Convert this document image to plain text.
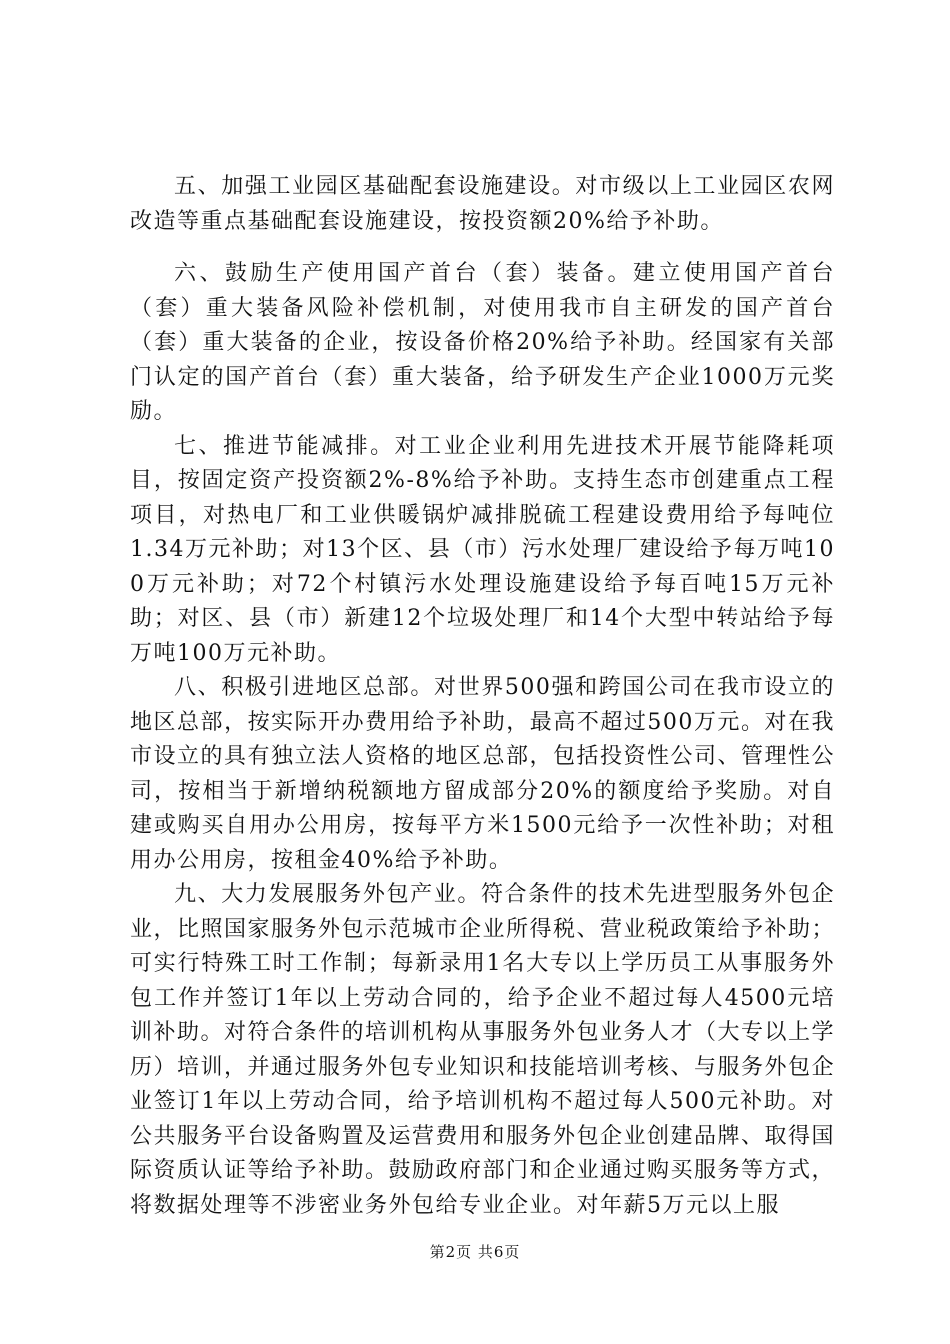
五、加强工业园区基础配套设施建设。对市级以上工业园区农网改造等重点基础配套设施建设，按投资额20%给予补助。

六、鼓励生产使用国产首台（套）装备。建立使用国产首台（套）重大装备风险补偿机制，对使用我市自主研发的国产首台（套）重大装备的企业，按设备价格20%给予补助。经国家有关部门认定的国产首台（套）重大装备，给予研发生产企业1000万元奖励。

七、推进节能减排。对工业企业利用先进技术开展节能降耗项目，按固定资产投资额2%-8%给予补助。支持生态市创建重点工程项目，对热电厂和工业供暖锅炉减排脱硫工程建设费用给予每吨位1.34万元补助；对13个区、县（市）污水处理厂建设给予每万吨100万元补助；对72个村镇污水处理设施建设给予每百吨15万元补助；对区、县（市）新建12个垃圾处理厂和14个大型中转站给予每万吨100万元补助。

八、积极引进地区总部。对世界500强和跨国公司在我市设立的地区总部，按实际开办费用给予补助，最高不超过500万元。对在我市设立的具有独立法人资格的地区总部，包括投资性公司、管理性公司，按相当于新增纳税额地方留成部分20%的额度给予奖励。对自建或购买自用办公用房，按每平方米1500元给予一次性补助；对租用办公用房，按租金40%给予补助。

九、大力发展服务外包产业。符合条件的技术先进型服务外包企业，比照国家服务外包示范城市企业所得税、营业税政策给予补助；可实行特殊工时工作制；每新录用1名大专以上学历员工从事服务外包工作并签订1年以上劳动合同的，给予企业不超过每人4500元培训补助。对符合条件的培训机构从事服务外包业务人才（大专以上学历）培训，并通过服务外包专业知识和技能培训考核、与服务外包企业签订1年以上劳动合同，给予培训机构不超过每人500元补助。对公共服务平台设备购置及运营费用和服务外包企业创建品牌、取得国际资质认证等给予补助。鼓励政府部门和企业通过购买服务等方式，将数据处理等不涉密业务外包给专业企业。对年薪5万元以上服

第2页 共6页
